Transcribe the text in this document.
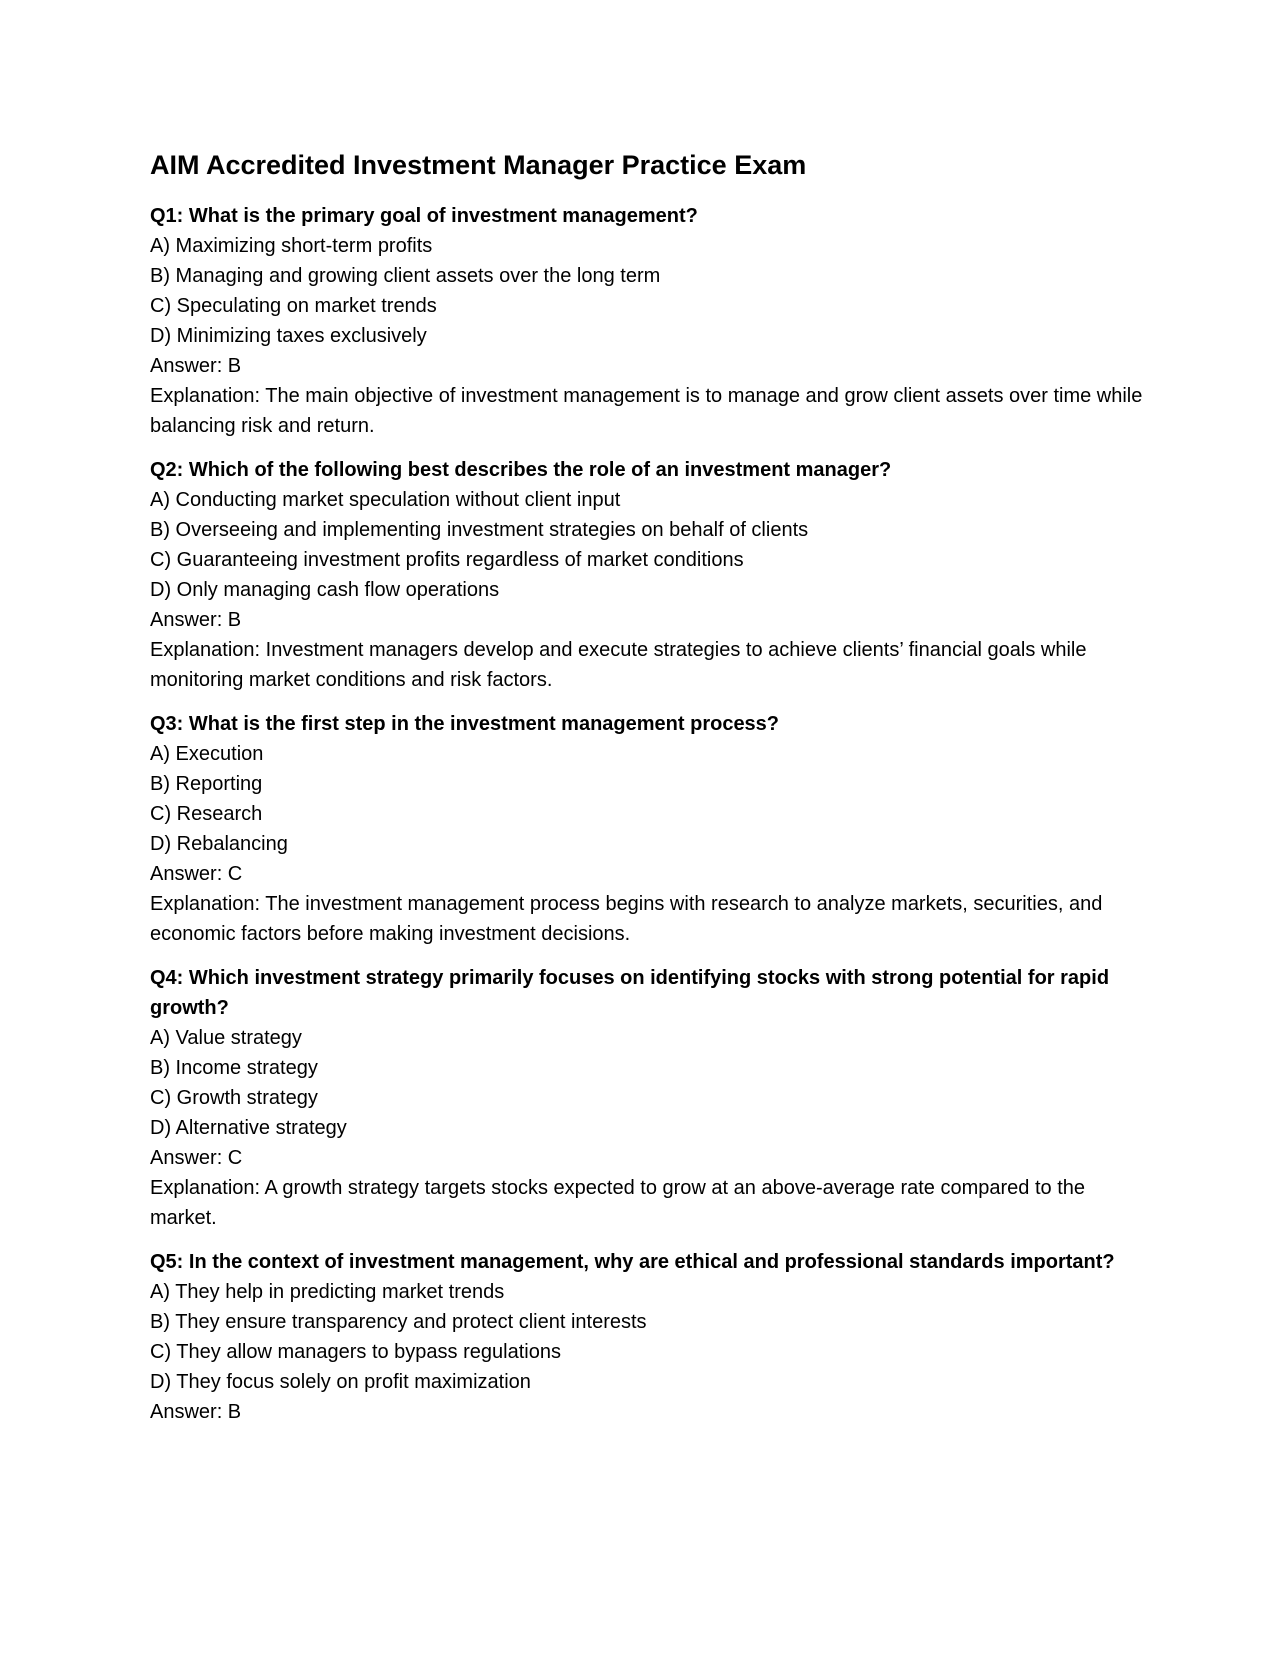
AIM Accredited Investment Manager Practice Exam

Q1: What is the primary goal of investment management?

A) Maximizing short-term profits

B) Managing and growing client assets over the long term

C) Speculating on market trends

D) Minimizing taxes exclusively

Answer: B

Explanation: The main objective of investment management is to manage and grow client assets over time while balancing risk and return.

Q2: Which of the following best describes the role of an investment manager?

A) Conducting market speculation without client input

B) Overseeing and implementing investment strategies on behalf of clients

C) Guaranteeing investment profits regardless of market conditions

D) Only managing cash flow operations

Answer: B

Explanation: Investment managers develop and execute strategies to achieve clients’ financial goals while monitoring market conditions and risk factors.

Q3: What is the first step in the investment management process?

A) Execution

B) Reporting

C) Research

D) Rebalancing

Answer: C

Explanation: The investment management process begins with research to analyze markets, securities, and economic factors before making investment decisions.

Q4: Which investment strategy primarily focuses on identifying stocks with strong potential for rapid growth?

A) Value strategy

B) Income strategy

C) Growth strategy

D) Alternative strategy

Answer: C

Explanation: A growth strategy targets stocks expected to grow at an above-average rate compared to the market.

Q5: In the context of investment management, why are ethical and professional standards important?

A) They help in predicting market trends

B) They ensure transparency and protect client interests

C) They allow managers to bypass regulations

D) They focus solely on profit maximization

Answer: B
